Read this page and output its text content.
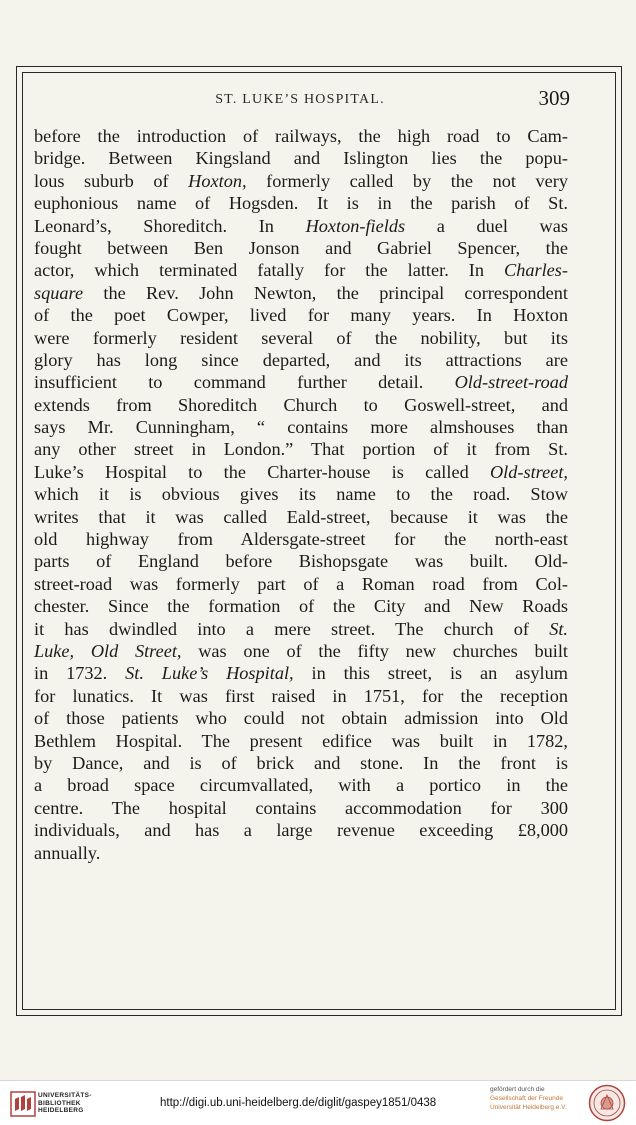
ST. LUKE’S HOSPITAL.	309
before the introduction of railways, the high road to Cam-
bridge. Between Kingsland and Islington lies the popu-
lous suburb of Hoxton, formerly called by the not very
euphonious name of Hogsden. It is in the parish of St.
Leonard’s, Shoreditch. In Hoxton-fields a duel was
fought between Ben Jonson and Gabriel Spencer, the
actor, which terminated fatally for the latter. In Charles-
square the Rev. John Newton, the principal correspondent
of the poet Cowper, lived for many years. In Hoxton
were formerly resident several of the nobility, but its
glory has long since departed, and its attractions are
insufficient to command further detail. Old-street-road
extends from Shoreditch Church to Goswell-street, and
says Mr. Cunningham, “ contains more almshouses than
any other street in London.” That portion of it from St.
Luke’s Hospital to the Charter-house is called Old-street,
which it is obvious gives its name to the road. Stow
writes that it was called Eald-street, because it was the
old highway from Aldersgate-street for the north-east
parts of England before Bishopsgate was built. Old-
street-road was formerly part of a Roman road from Col-
chester. Since the formation of the City and New Roads
it has dwindled into a mere street. The church of St.
Luke, Old Street, was one of the fifty new churches built
in 1732. St. Luke’s Hospital, in this street, is an asylum
for lunatics. It was first raised in 1751, for the reception
of those patients who could not obtain admission into Old
Bethlem Hospital. The present edifice was built in 1782,
by Dance, and is of brick and stone. In the front is
a broad space circumvallated, with a portico in the
centre. The hospital contains accommodation for 300
individuals, and has a large revenue exceeding £8,000
annually.
UNIVERSITÄTS-
BIBLIOTHEK
HEIDELBERG
http://digi.ub.uni-heidelberg.de/diglit/gaspey1851/0438
gefördert durch die
Gesellschaft der Freunde
Universität Heidelberg e.V.
